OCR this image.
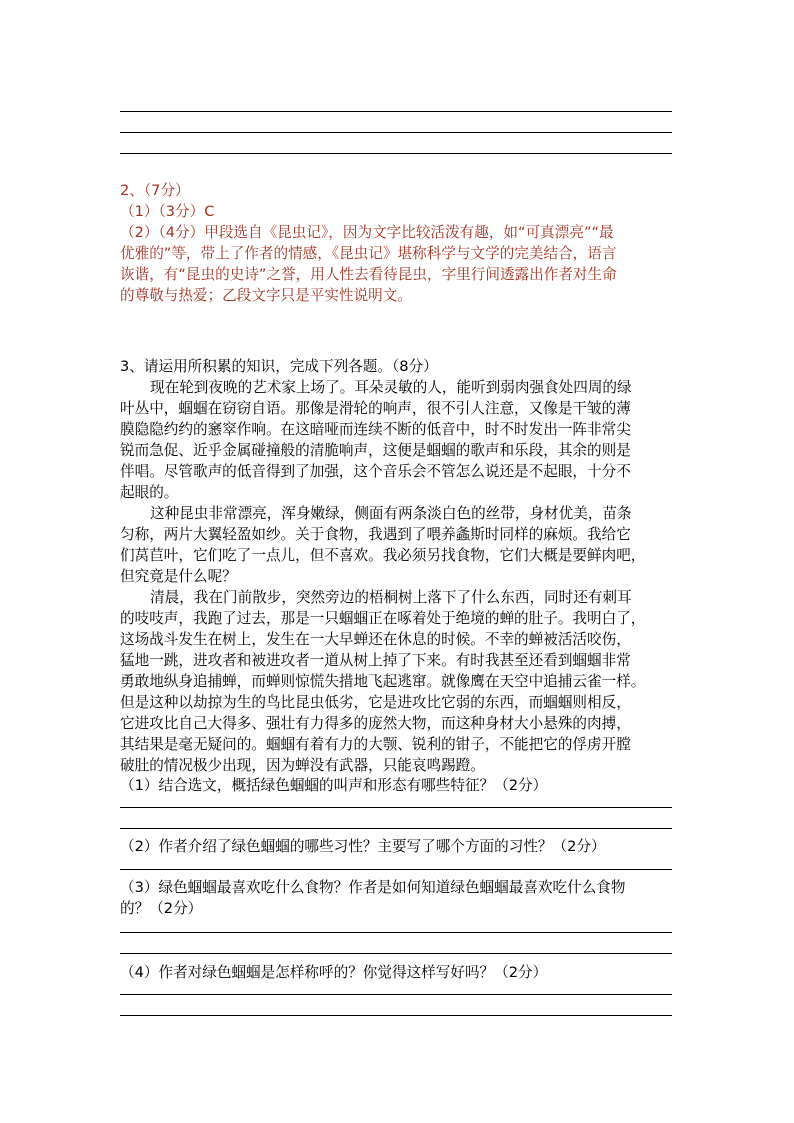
2、（7分）
（1）（3分）C
（2）（4分）甲段选自《昆虫记》，因为文字比较活泼有趣，如“可真漂亮”“最
优雅的”等，带上了作者的情感，《昆虫记》堪称科学与文学的完美结合，语言
诙谐，有“昆虫的史诗”之誉，用人性去看待昆虫，字里行间透露出作者对生命
的尊敬与热爱；乙段文字只是平实性说明文。
3、请运用所积累的知识，完成下列各题。（8分）
现在轮到夜晚的艺术家上场了。耳朵灵敏的人，能听到弱肉强食处四周的绿
叶丛中，蝈蝈在窃窃自语。那像是滑轮的响声，很不引人注意，又像是干皱的薄
膜隐隐约约的窸窣作响。在这暗哑而连续不断的低音中，时不时发出一阵非常尖
锐而急促、近乎金属碰撞般的清脆响声，这便是蝈蝈的歌声和乐段，其余的则是
伴唱。尽管歌声的低音得到了加强，这个音乐会不管怎么说还是不起眼，十分不
起眼的。
这种昆虫非常漂亮，浑身嫩绿，侧面有两条淡白色的丝带，身材优美，苗条
匀称，两片大翼轻盈如纱。关于食物，我遇到了喂养螽斯时同样的麻烦。我给它
们莴苣叶，它们吃了一点儿，但不喜欢。我必须另找食物，它们大概是要鲜肉吧，
但究竟是什么呢？
清晨，我在门前散步，突然旁边的梧桐树上落下了什么东西，同时还有刺耳
的吱吱声，我跑了过去，那是一只蝈蝈正在啄着处于绝境的蝉的肚子。我明白了，
这场战斗发生在树上，发生在一大早蝉还在休息的时候。不幸的蝉被活活咬伤，
猛地一跳，进攻者和被进攻者一道从树上掉了下来。有时我甚至还看到蝈蝈非常
勇敢地纵身追捕蝉，而蝉则惊慌失措地飞起逃窜。就像鹰在天空中追捕云雀一样。
但是这种以劫掠为生的鸟比昆虫低劣，它是进攻比它弱的东西，而蝈蝈则相反，
它进攻比自己大得多、强壮有力得多的庞然大物，而这种身材大小悬殊的肉搏，
其结果是毫无疑问的。蝈蝈有着有力的大颚、锐利的钳子，不能把它的俘虏开膛
破肚的情况极少出现，因为蝉没有武器，只能哀鸣踢蹬。
（1）结合选文，概括绿色蝈蝈的叫声和形态有哪些特征？（2分）
（2）作者介绍了绿色蝈蝈的哪些习性？主要写了哪个方面的习性？（2分）
（3）绿色蝈蝈最喜欢吃什么食物？作者是如何知道绿色蝈蝈最喜欢吃什么食物
的？（2分）
（4）作者对绿色蝈蝈是怎样称呼的？你觉得这样写好吗？（2分）
